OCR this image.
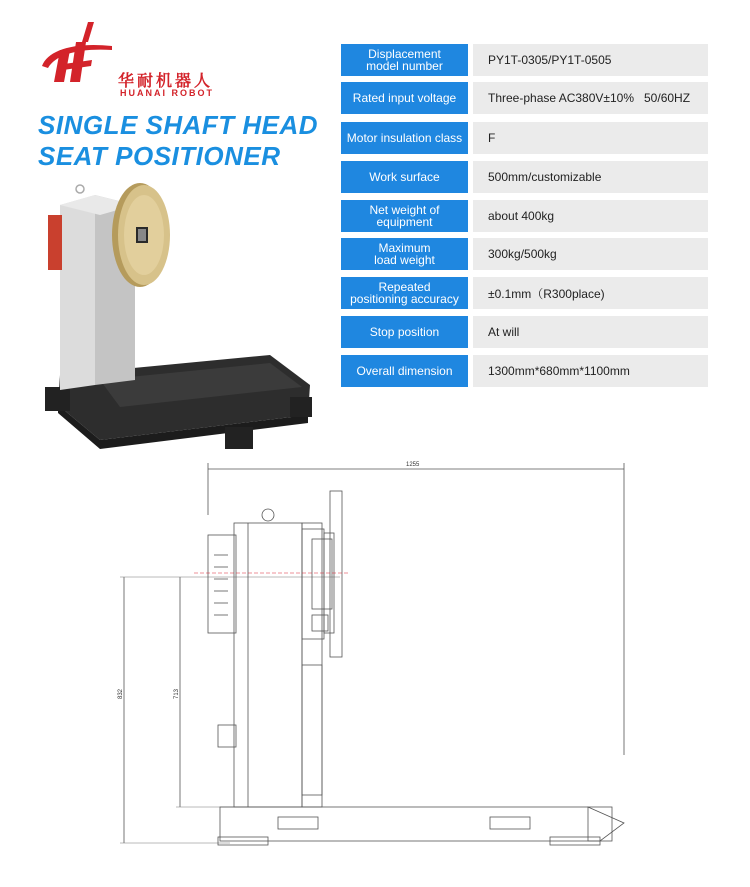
华耐机器人
HUANAI ROBOT
SINGLE SHAFT HEAD
SEAT POSITIONER
Displacement
model number	PY1T-0305/PY1T-0505
Rated input voltage	Three-phase AC380V±10%   50/60HZ
Motor insulation class	F
Work surface	500mm/customizable
Net weight of
equipment	about 400kg
Maximum
load weight	300kg/500kg
Repeated
positioning accuracy	±0.1mm（R300place)
Stop position	At will
Overall dimension	1300mm*680mm*1100mm
1255
832	713
